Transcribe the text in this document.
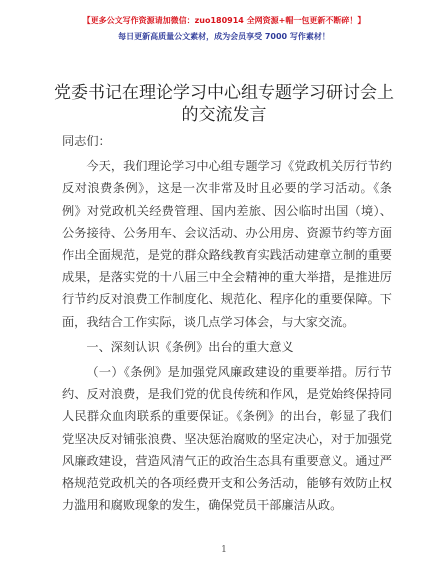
【更多公文写作资源请加微信：zuo180914 全网资源+帽一包更新不断碎！】
每日更新高质量公文素材，成为会员享受 7000 写作素材！
党委书记在理论学习中心组专题学习研讨会上
的交流发言

同志们：

今天，我们理论学习中心组专题学习《党政机关厉行节约反对浪费条例》，这是一次非常及时且必要的学习活动。《条例》对党政机关经费管理、国内差旅、因公临时出国（境）、公务接待、公务用车、会议活动、办公用房、资源节约等方面作出全面规范，是党的群众路线教育实践活动建章立制的重要成果，是落实党的十八届三中全会精神的重大举措，是推进厉行节约反对浪费工作制度化、规范化、程序化的重要保障。下面，我结合工作实际，谈几点学习体会，与大家交流。

一、深刻认识《条例》出台的重大意义

（一）《条例》是加强党风廉政建设的重要举措。厉行节约、反对浪费，是我们党的优良传统和作风，是党始终保持同人民群众血肉联系的重要保证。《条例》的出台，彰显了我们党坚决反对铺张浪费、坚决惩治腐败的坚定决心，对于加强党风廉政建设，营造风清气正的政治生态具有重要意义。通过严格规范党政机关的各项经费开支和公务活动，能够有效防止权力滥用和腐败现象的发生，确保党员干部廉洁从政。

1
